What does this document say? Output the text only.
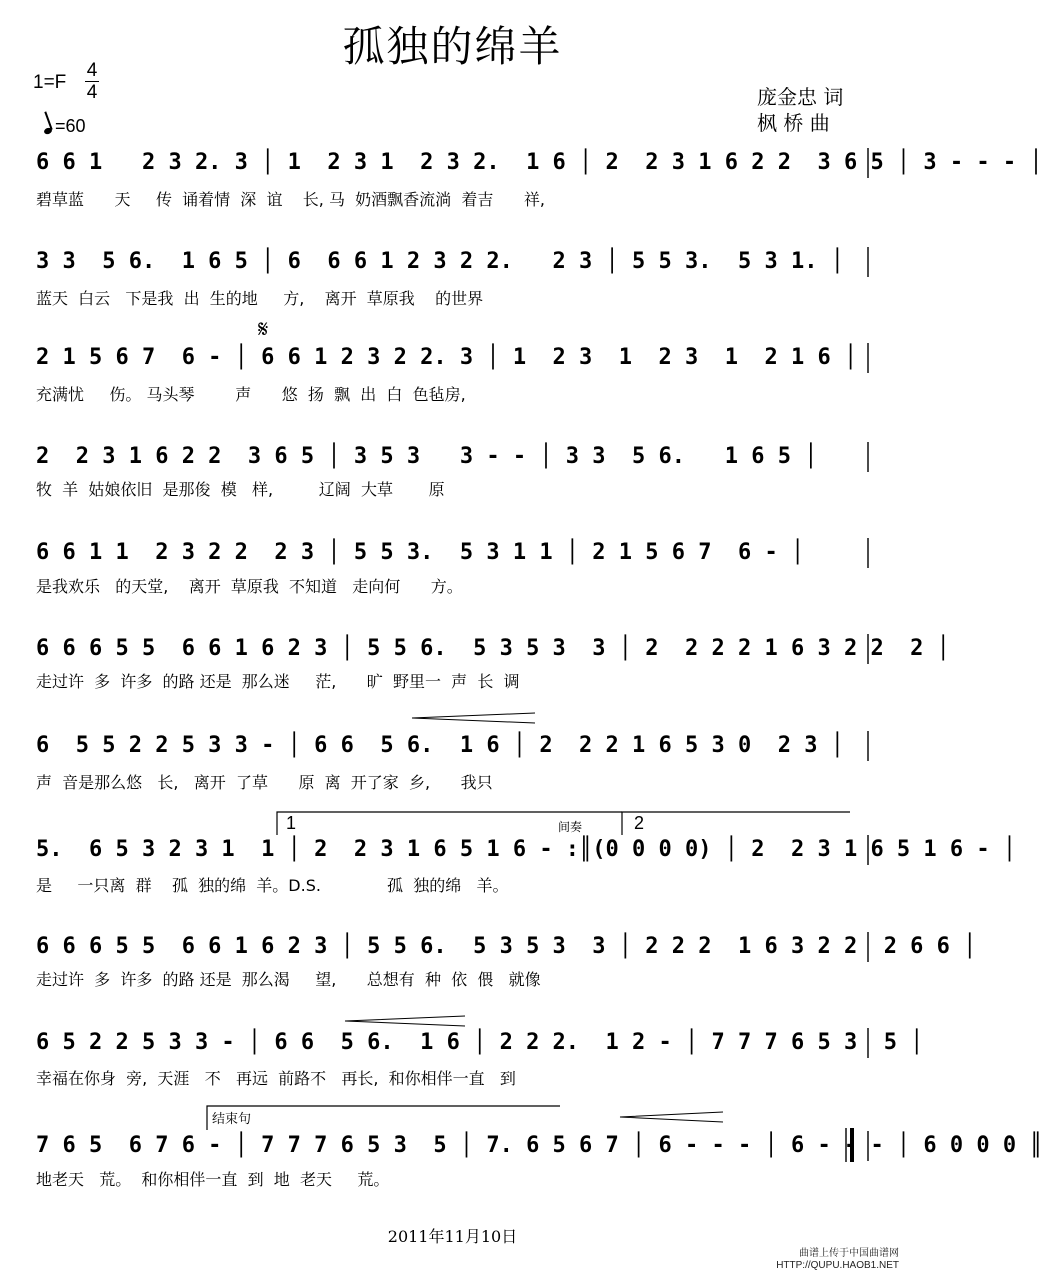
孤独的绵羊
1=F
4
4
=60
庞金忠 词
枫 桥 曲
𝄋
1	2
间奏
结束句
6 6 1   2 3 2. 3 │ 1  2 3 1  2 3 2.  1 6 │ 2  2 3 1 6 2 2  3 6 5 │ 3 - - - │
碧草蓝      天     传  诵着情  深  谊    长, 马  奶酒飘香流淌  着吉      祥,
3 3  5 6.  1 6 5 │ 6  6 6 1 2 3 2 2.   2 3 │ 5 5 3.  5 3 1. │
蓝天  白云   下是我  出  生的地     方,    离开  草原我    的世界
2 1 5 6 7  6 - │ 6 6 1 2 3 2 2. 3 │ 1  2 3  1  2 3  1  2 1 6 │
充满忧     伤。 马头琴        声      悠  扬  飘  出  白  色毡房,
2  2 3 1 6 2 2  3 6 5 │ 3 5 3   3 - - │ 3 3  5 6.   1 6 5 │
牧  羊  姑娘依旧  是那俊  模   样,         辽阔  大草       原
6 6 1 1  2 3 2 2  2 3 │ 5 5 3.  5 3 1 1 │ 2 1 5 6 7  6 - │
是我欢乐   的天堂,    离开  草原我  不知道   走向何      方。
6 6 6 5 5  6 6 1 6 2 3 │ 5 5 6.  5 3 5 3  3 │ 2  2 2 2 1 6 3 2 2  2 │
走过许  多  许多  的路 还是  那么迷     茫,      旷  野里一  声  长  调
6  5 5 2 2 5 3 3 - │ 6 6  5 6.  1 6 │ 2  2 2 1 6 5 3 0  2 3 │
声  音是那么悠   长,   离开  了草      原  离  开了家  乡,      我只
5.  6 5 3 2 3 1  1 │ 2  2 3 1 6 5 1 6 - :║(0 0 0 0) │ 2  2 3 1 6 5 1 6 - │
是     一只离  群    孤  独的绵  羊。D.S.             孤  独的绵   羊。
6 6 6 5 5  6 6 1 6 2 3 │ 5 5 6.  5 3 5 3  3 │ 2 2 2  1 6 3 2 2  2 6 6 │
走过许  多  许多  的路 还是  那么渴     望,      总想有  种  依  偎   就像
6 5 2 2 5 3 3 - │ 6 6  5 6.  1 6 │ 2 2 2.  1 2 - │ 7 7 7 6 5 3  5 │
幸福在你身  旁,  天涯   不   再远  前路不   再长,  和你相伴一直   到
7 6 5  6 7 6 - │ 7 7 7 6 5 3  5 │ 7. 6 5 6 7 │ 6 - - - │ 6 - - - │ 6 0 0 0 ║
地老天   荒。  和你相伴一直  到  地  老天     荒。
2011年11月10日
曲谱上传于中国曲谱网
HTTP://QUPU.HAOB1.NET
